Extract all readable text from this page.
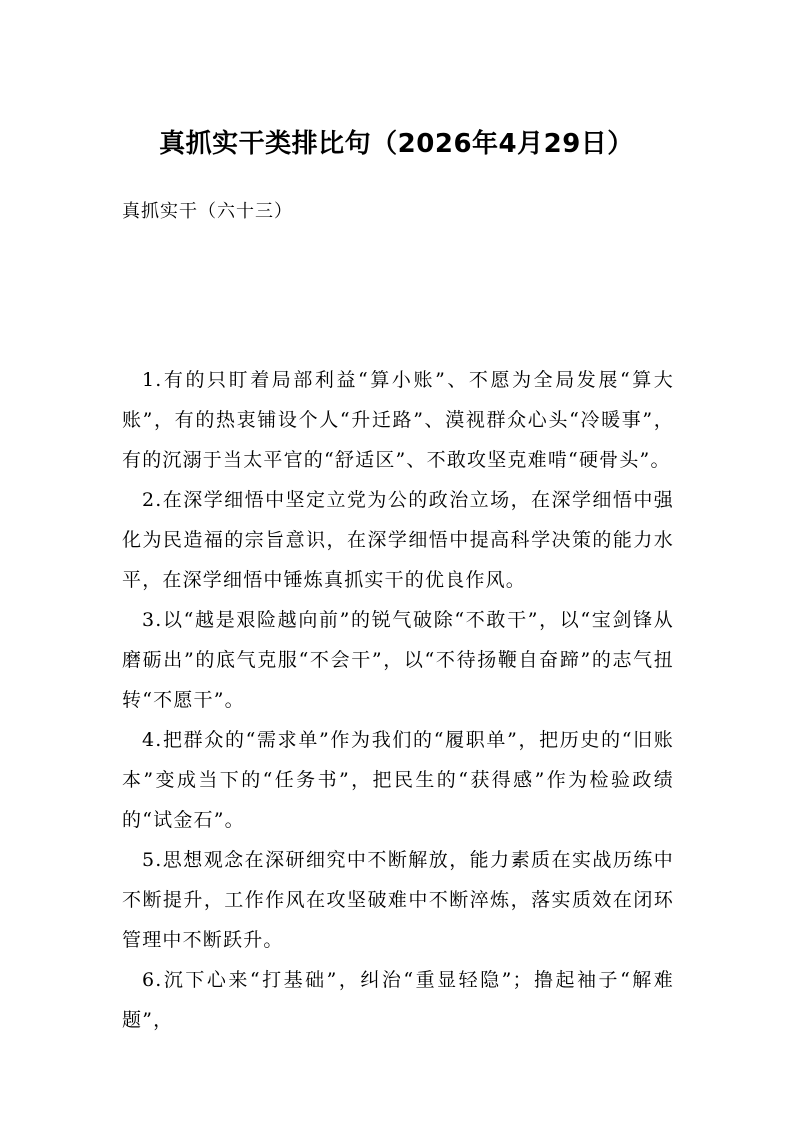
真抓实干类排比句（2026年4月29日）
真抓实干（六十三）

1.有的只盯着局部利益“算小账”、不愿为全局发展“算大账”，有的热衷铺设个人“升迁路”、漠视群众心头“冷暖事”，有的沉溺于当太平官的“舒适区”、不敢攻坚克难啃“硬骨头”。

2.在深学细悟中坚定立党为公的政治立场，在深学细悟中强化为民造福的宗旨意识，在深学细悟中提高科学决策的能力水平，在深学细悟中锤炼真抓实干的优良作风。

3.以“越是艰险越向前”的锐气破除“不敢干”，以“宝剑锋从磨砺出”的底气克服“不会干”，以“不待扬鞭自奋蹄”的志气扭转“不愿干”。

4.把群众的“需求单”作为我们的“履职单”，把历史的“旧账本”变成当下的“任务书”，把民生的“获得感”作为检验政绩的“试金石”。

5.思想观念在深研细究中不断解放，能力素质在实战历练中不断提升，工作作风在攻坚破难中不断淬炼，落实质效在闭环管理中不断跃升。

6.沉下心来“打基础”，纠治“重显轻隐”；撸起袖子“解难题”，
